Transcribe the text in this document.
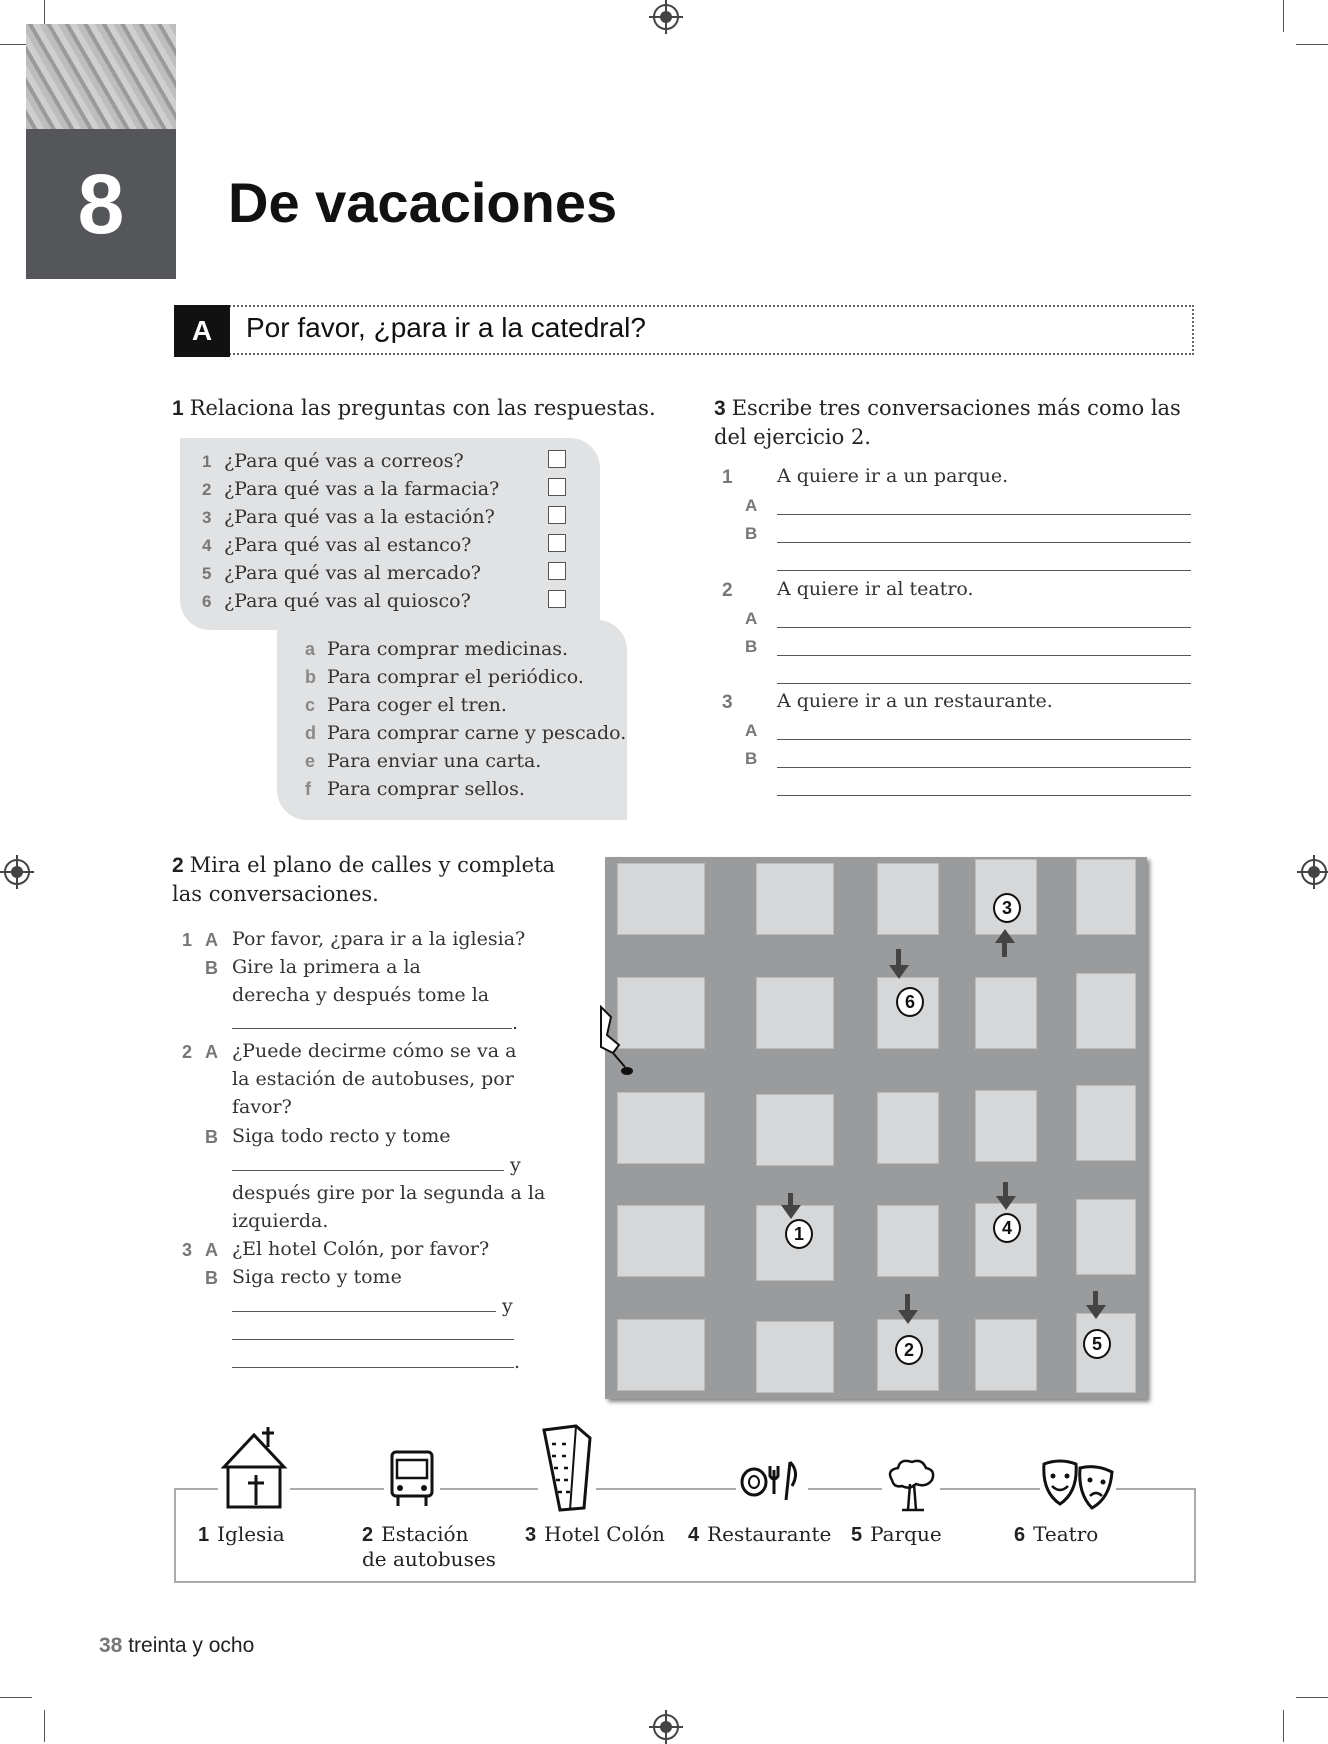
8	De vacaciones
A	Por favor, ¿para ir a la catedral?
1 Relaciona las preguntas con las respuestas.
1 ¿Para qué vas a correos?
2 ¿Para qué vas a la farmacia?
3 ¿Para qué vas a la estación?
4 ¿Para qué vas al estanco?
5 ¿Para qué vas al mercado?
6 ¿Para qué vas al quiosco?
a Para comprar medicinas.
b Para comprar el periódico.
c Para coger el tren.
d Para comprar carne y pescado.
e Para enviar una carta.
f Para comprar sellos.
3 Escribe tres conversaciones más como las
del ejercicio 2.
1 A quiere ir a un parque.
A
B
2 A quiere ir al teatro.
A
B
3 A quiere ir a un restaurante.
A
B
2 Mira el plano de calles y completa
las conversaciones.
1 A Por favor, ¿para ir a la iglesia?
B Gire la primera a la
derecha y después tome la
.
2 A ¿Puede decirme cómo se va a
la estación de autobuses, por
favor?
B Siga todo recto y tome
y
después gire por la segunda a la
izquierda.
3 A ¿El hotel Colón, por favor?
B Siga recto y tome
y
.
3
6
1	4
2	5
1 Iglesia	2 Estación
de autobuses
3 Hotel Colón 4 Restaurante 5 Parque	6 Teatro
38 treinta y ocho
